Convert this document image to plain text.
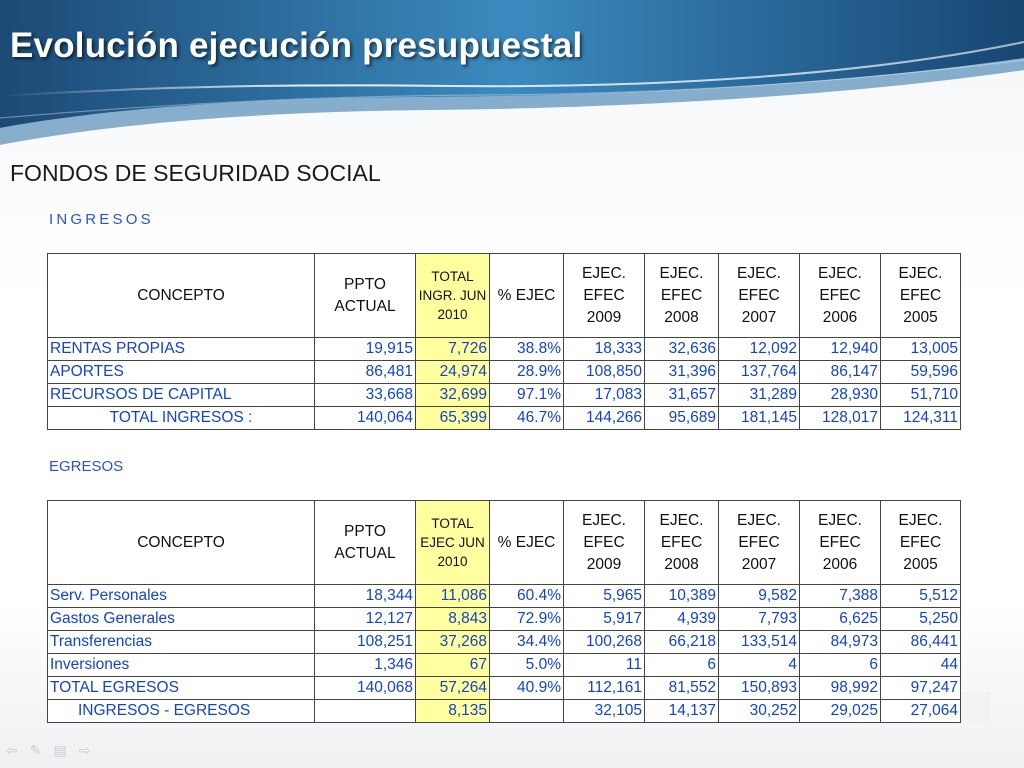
Evolución ejecución presupuestal
FONDOS DE SEGURIDAD SOCIAL
INGRESOS
CONCEPTO	PPTO ACTUAL	TOTAL INGR. JUN 2010	% EJEC	EJEC. EFEC 2009	EJEC. EFEC 2008	EJEC. EFEC 2007	EJEC. EFEC 2006	EJEC. EFEC 2005
RENTAS PROPIAS	19,915	7,726	38.8%	18,333	32,636	12,092	12,940	13,005
APORTES	86,481	24,974	28.9%	108,850	31,396	137,764	86,147	59,596
RECURSOS DE CAPITAL	33,668	32,699	97.1%	17,083	31,657	31,289	28,930	51,710
TOTAL INGRESOS :	140,064	65,399	46.7%	144,266	95,689	181,145	128,017	124,311
EGRESOS
CONCEPTO	PPTO ACTUAL	TOTAL EJEC JUN 2010	% EJEC	EJEC. EFEC 2009	EJEC. EFEC 2008	EJEC. EFEC 2007	EJEC. EFEC 2006	EJEC. EFEC 2005
Serv. Personales	18,344	11,086	60.4%	5,965	10,389	9,582	7,388	5,512
Gastos Generales	12,127	8,843	72.9%	5,917	4,939	7,793	6,625	5,250
Transferencias	108,251	37,268	34.4%	100,268	66,218	133,514	84,973	86,441
Inversiones	1,346	67	5.0%	11	6	4	6	44
TOTAL EGRESOS	140,068	57,264	40.9%	112,161	81,552	150,893	98,992	97,247
INGRESOS - EGRESOS		8,135		32,105	14,137	30,252	29,025	27,064
⇦ ✎ ▤ ⇨
